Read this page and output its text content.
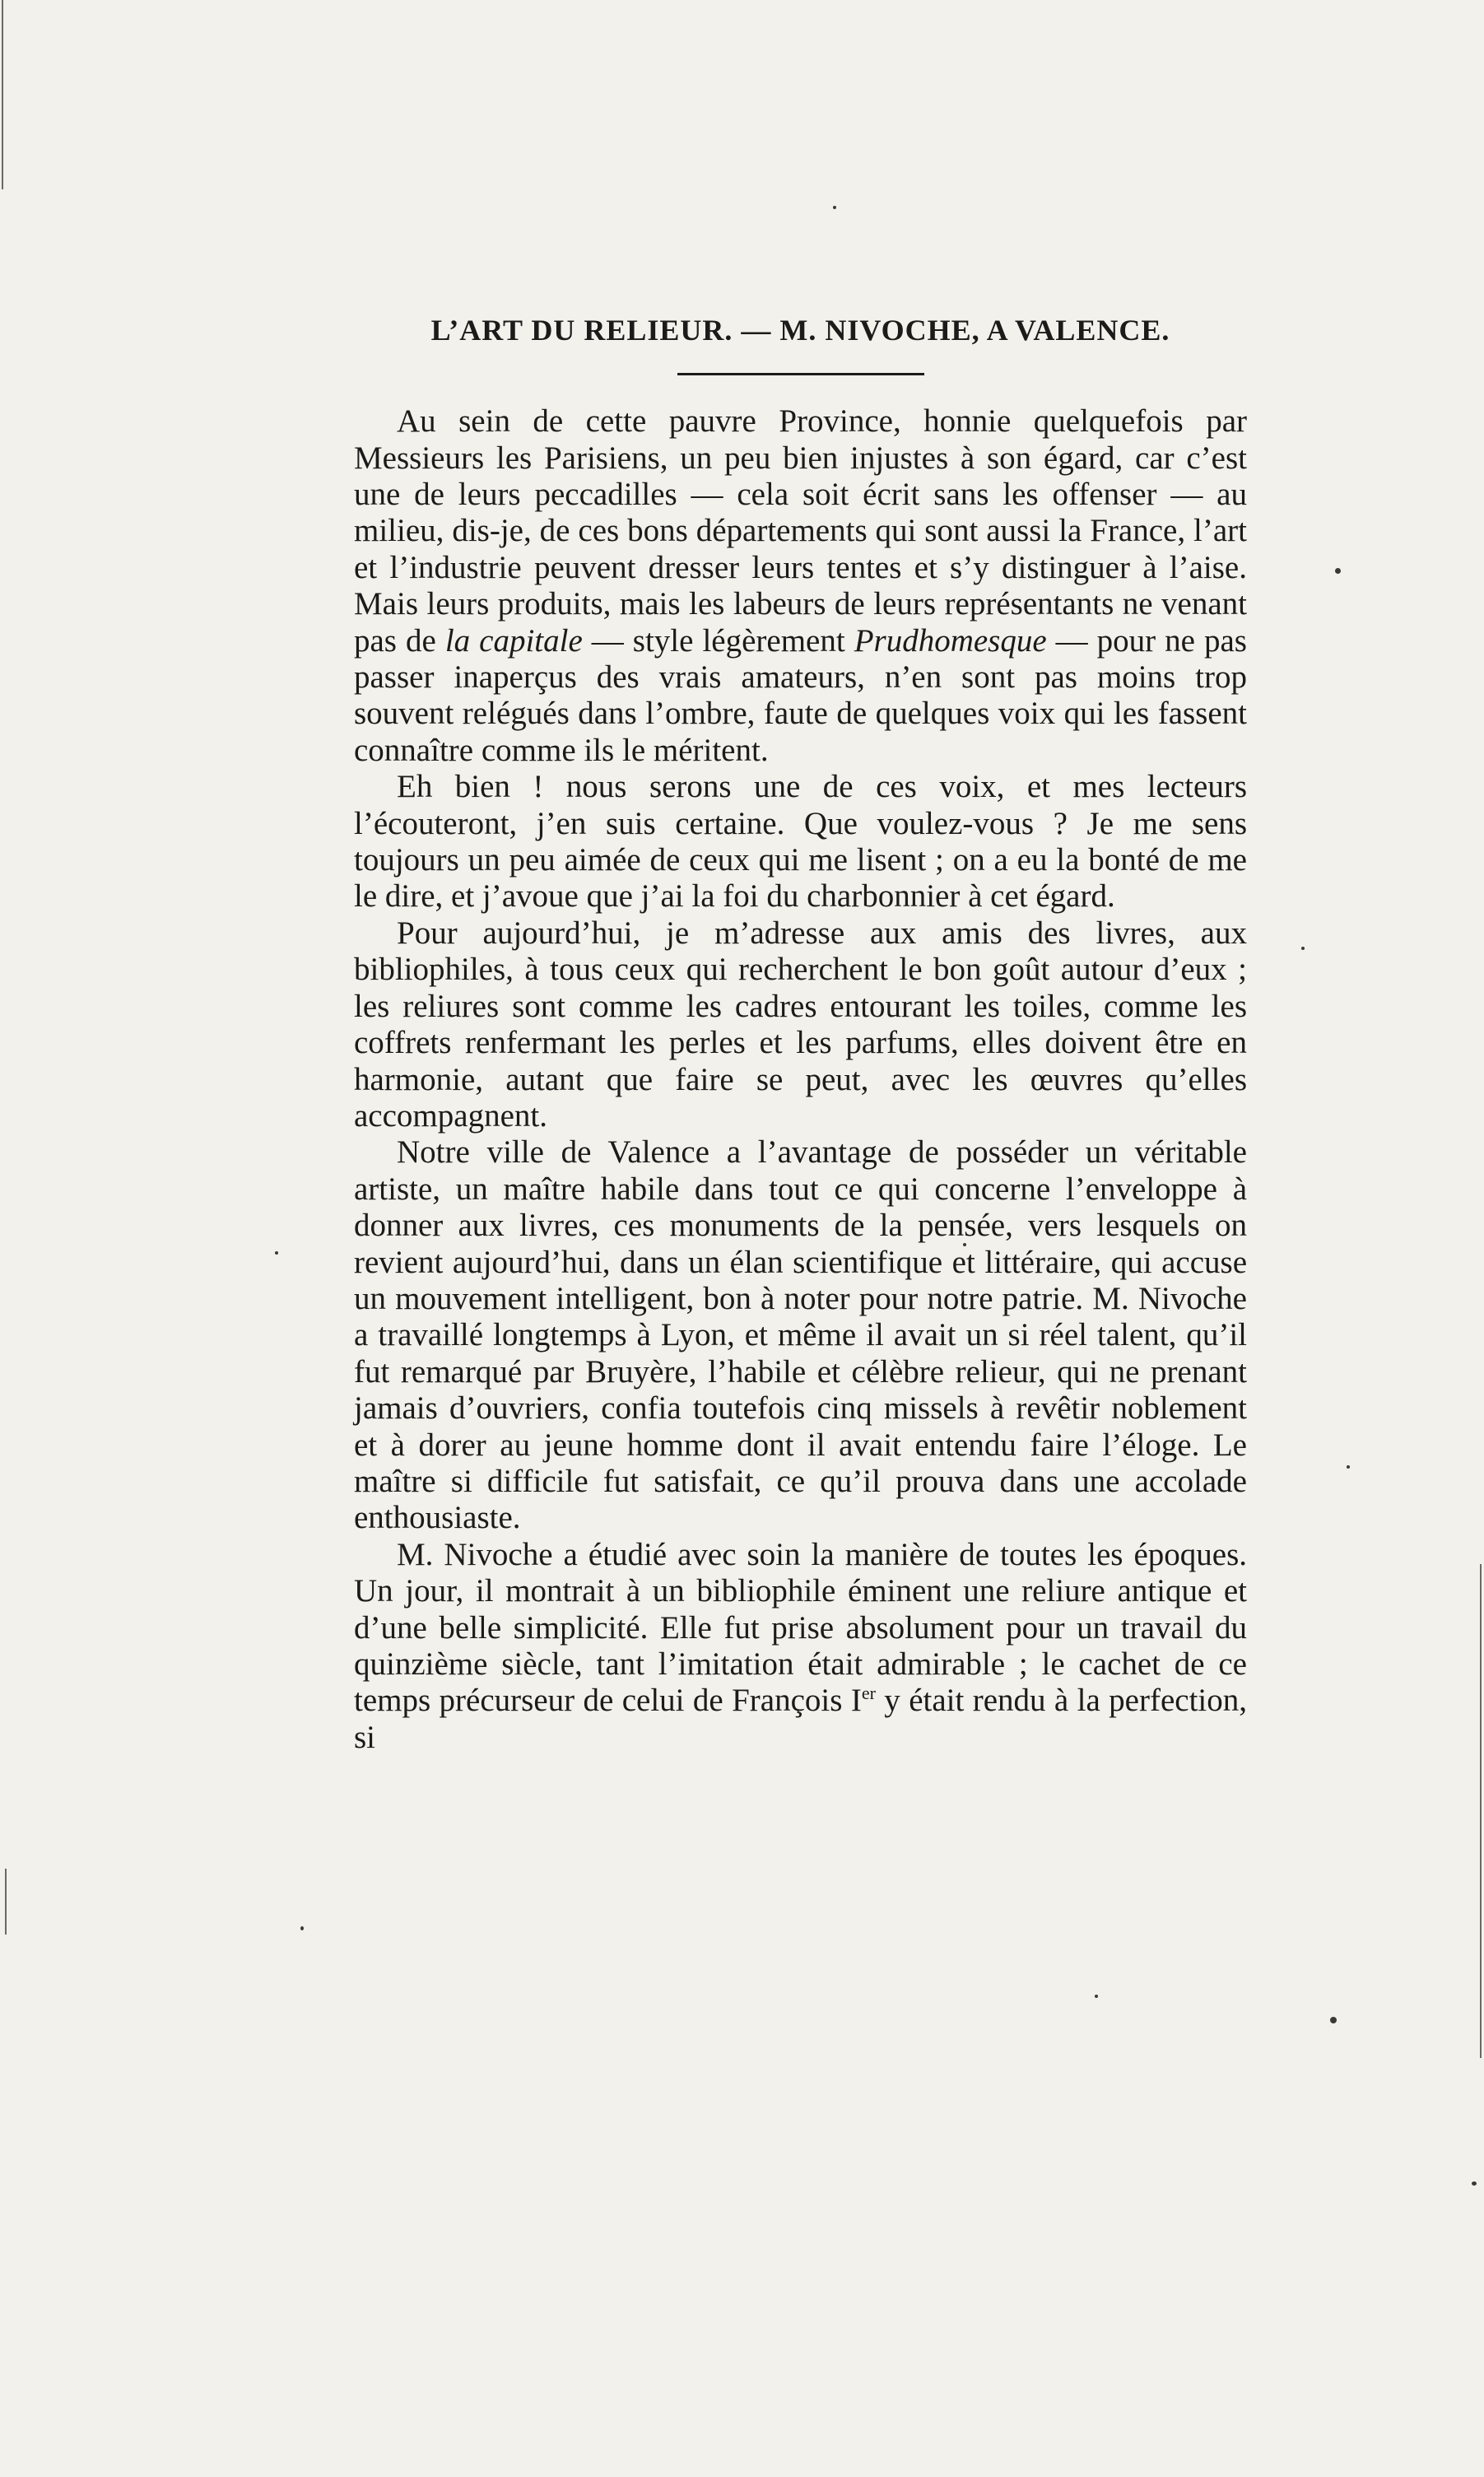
L’ART DU RELIEUR. — M. NIVOCHE, A VALENCE.

Au sein de cette pauvre Province, honnie quelquefois par Messieurs les Parisiens, un peu bien injustes à son égard, car c’est une de leurs peccadilles — cela soit écrit sans les offenser — au milieu, dis-je, de ces bons départements qui sont aussi la France, l’art et l’industrie peuvent dresser leurs tentes et s’y distinguer à l’aise. Mais leurs produits, mais les labeurs de leurs représentants ne venant pas de la capitale — style légèrement Prudhomesque — pour ne pas passer inaperçus des vrais amateurs, n’en sont pas moins trop souvent relégués dans l’ombre, faute de quelques voix qui les fassent connaître comme ils le méritent.

Eh bien ! nous serons une de ces voix, et mes lecteurs l’écouteront, j’en suis certaine. Que voulez-vous ? Je me sens toujours un peu aimée de ceux qui me lisent ; on a eu la bonté de me le dire, et j’avoue que j’ai la foi du charbonnier à cet égard.

Pour aujourd’hui, je m’adresse aux amis des livres, aux bibliophiles, à tous ceux qui recherchent le bon goût autour d’eux ; les reliures sont comme les cadres entourant les toiles, comme les coffrets renfermant les perles et les parfums, elles doivent être en harmonie, autant que faire se peut, avec les œuvres qu’elles accompagnent.

Notre ville de Valence a l’avantage de posséder un véritable artiste, un maître habile dans tout ce qui concerne l’enveloppe à donner aux livres, ces monuments de la pensée, vers lesquels on revient aujourd’hui, dans un élan scientifique et littéraire, qui accuse un mouvement intelligent, bon à noter pour notre patrie. M. Nivoche a travaillé longtemps à Lyon, et même il avait un si réel talent, qu’il fut remarqué par Bruyère, l’habile et célèbre relieur, qui ne prenant jamais d’ouvriers, confia toutefois cinq missels à revêtir noblement et à dorer au jeune homme dont il avait entendu faire l’éloge. Le maître si difficile fut satisfait, ce qu’il prouva dans une accolade enthousiaste.

M. Nivoche a étudié avec soin la manière de toutes les époques. Un jour, il montrait à un bibliophile éminent une reliure antique et d’une belle simplicité. Elle fut prise absolument pour un travail du quinzième siècle, tant l’imitation était admirable ; le cachet de ce temps précurseur de celui de François Ier y était rendu à la perfection, si
